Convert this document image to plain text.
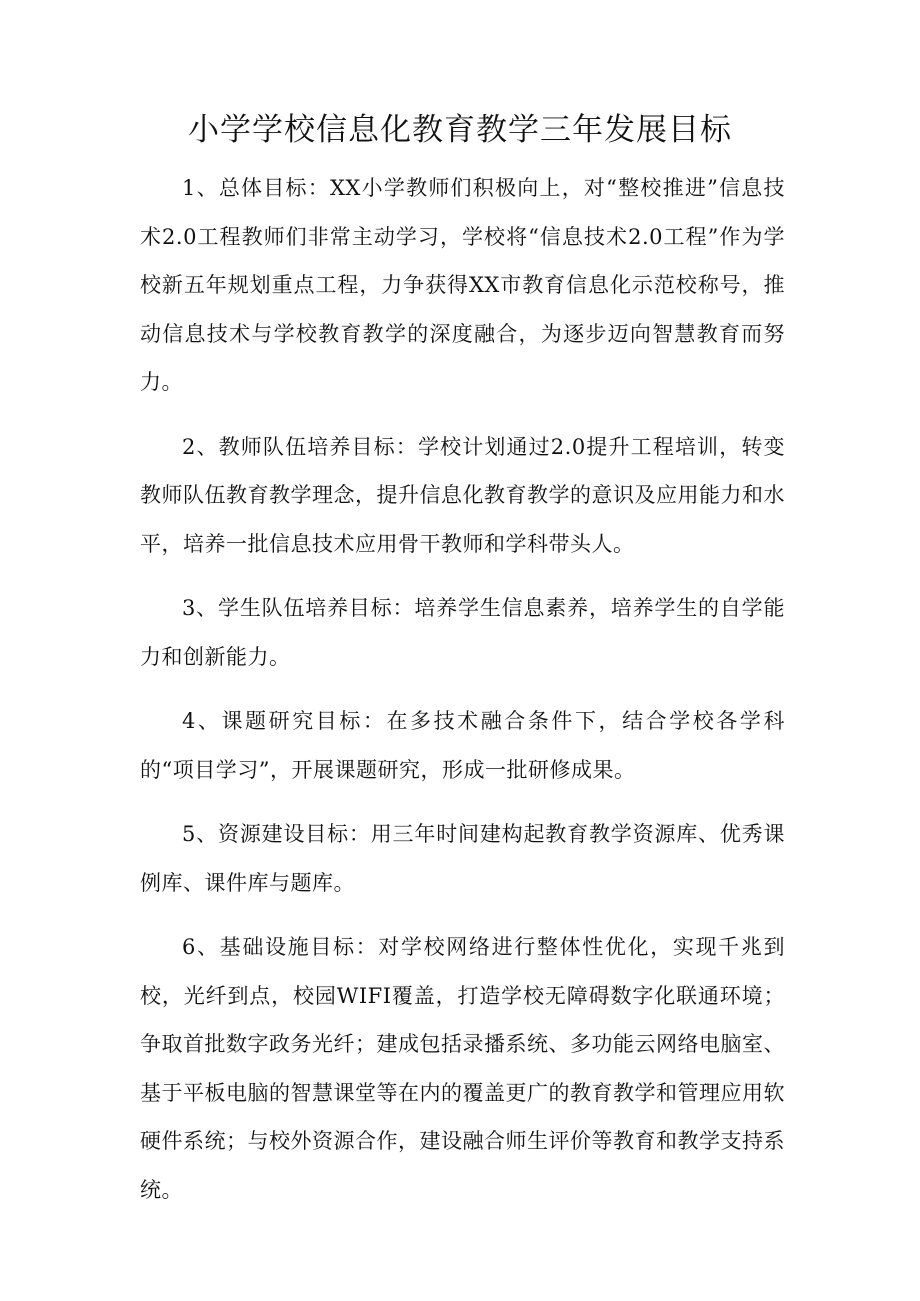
小学学校信息化教育教学三年发展目标

1、总体目标：XX小学教师们积极向上，对“整校推进”信息技术2.0工程教师们非常主动学习，学校将“信息技术2.0工程”作为学校新五年规划重点工程，力争获得XX市教育信息化示范校称号，推动信息技术与学校教育教学的深度融合，为逐步迈向智慧教育而努力。

2、教师队伍培养目标：学校计划通过2.0提升工程培训，转变教师队伍教育教学理念，提升信息化教育教学的意识及应用能力和水平，培养一批信息技术应用骨干教师和学科带头人。

3、学生队伍培养目标：培养学生信息素养，培养学生的自学能力和创新能力。

4、课题研究目标：在多技术融合条件下，结合学校各学科的“项目学习”，开展课题研究，形成一批研修成果。

5、资源建设目标：用三年时间建构起教育教学资源库、优秀课例库、课件库与题库。

6、基础设施目标：对学校网络进行整体性优化，实现千兆到校，光纤到点，校园WIFI覆盖，打造学校无障碍数字化联通环境；争取首批数字政务光纤；建成包括录播系统、多功能云网络电脑室、基于平板电脑的智慧课堂等在内的覆盖更广的教育教学和管理应用软硬件系统；与校外资源合作，建设融合师生评价等教育和教学支持系统。
